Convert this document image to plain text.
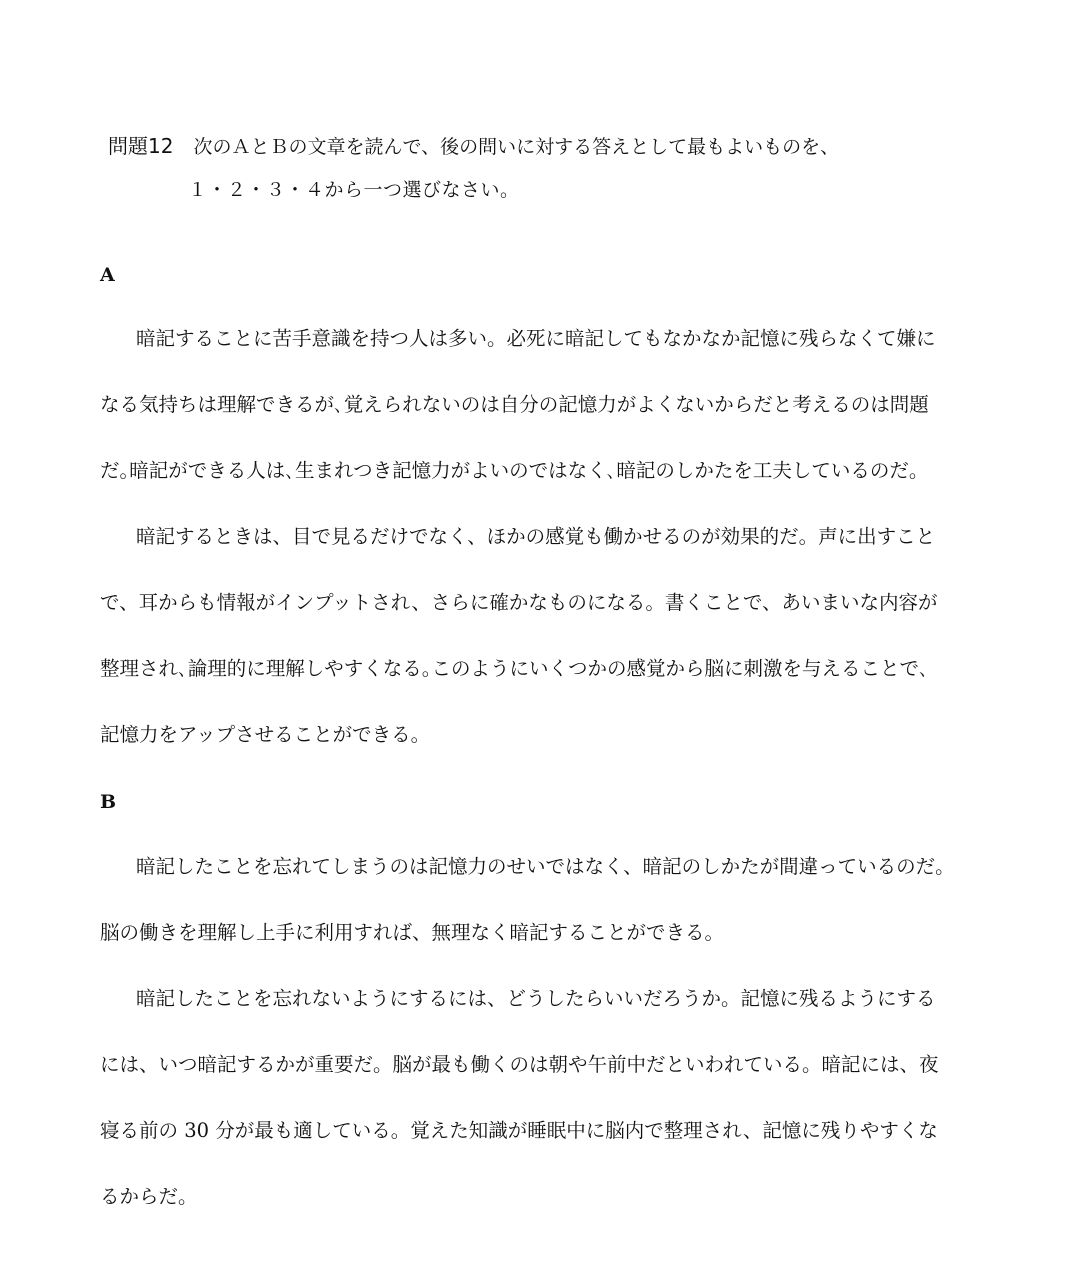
問題12 次のＡとＢの文章を読んで、後の問いに対する答えとして最もよいものを、
１・２・３・４から一つ選びなさい。
A
暗記することに苦手意識を持つ人は多い。必死に暗記してもなかなか記憶に残らなくて嫌に
なる気持ちは理解できるが､覚えられないのは自分の記憶力がよくないからだと考えるのは問題
だ｡暗記ができる人は､生まれつき記憶力がよいのではなく､暗記のしかたを工夫しているのだ。
暗記するときは、目で見るだけでなく、ほかの感覚も働かせるのが効果的だ。声に出すこと
で、耳からも情報がインプットされ、さらに確かなものになる。書くことで、あいまいな内容が
整理され､論理的に理解しやすくなる｡このようにいくつかの感覚から脳に刺激を与えることで､
記憶力をアップさせることができる。
B
暗記したことを忘れてしまうのは記憶力のせいではなく、暗記のしかたが間違っているのだ。
脳の働きを理解し上手に利用すれば、無理なく暗記することができる。
暗記したことを忘れないようにするには、どうしたらいいだろうか。記憶に残るようにする
には、いつ暗記するかが重要だ。脳が最も働くのは朝や午前中だといわれている。暗記には、夜
寝る前の 30 分が最も適している。覚えた知識が睡眠中に脳内で整理され、記憶に残りやすくな
るからだ。
